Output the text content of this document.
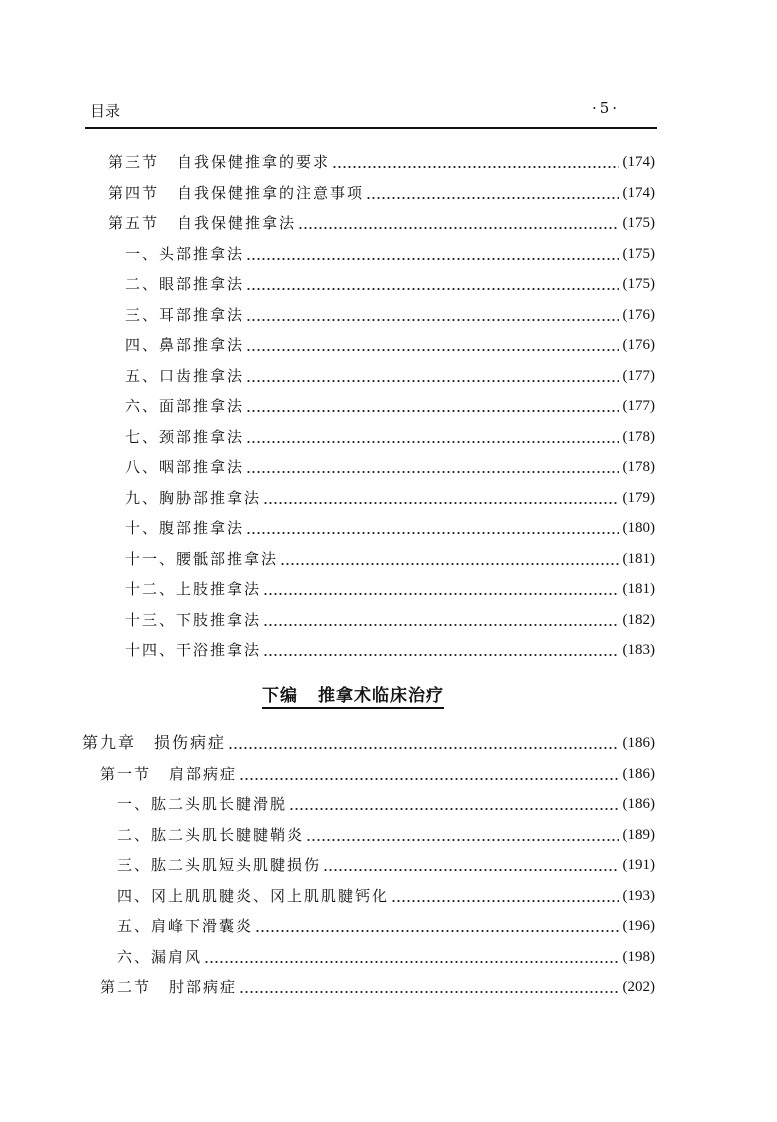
目录	·5·
第三节 自我保健推拿的要求	(174)
第四节 自我保健推拿的注意事项	(174)
第五节 自我保健推拿法	(175)
一、头部推拿法	(175)
二、眼部推拿法	(175)
三、耳部推拿法	(176)
四、鼻部推拿法	(176)
五、口齿推拿法	(177)
六、面部推拿法	(177)
七、颈部推拿法	(178)
八、咽部推拿法	(178)
九、胸胁部推拿法	(179)
十、腹部推拿法	(180)
十一、腰骶部推拿法	(181)
十二、上肢推拿法	(181)
十三、下肢推拿法	(182)
十四、干浴推拿法	(183)
第九章 损伤病症	(186)
第一节 肩部病症	(186)
一、肱二头肌长腱滑脱	(186)
二、肱二头肌长腱腱鞘炎	(189)
三、肱二头肌短头肌腱损伤	(191)
四、冈上肌肌腱炎、冈上肌肌腱钙化	(193)
五、肩峰下滑囊炎	(196)
六、漏肩风	(198)
第二节 肘部病症	(202)
下编 推拿术临床治疗
